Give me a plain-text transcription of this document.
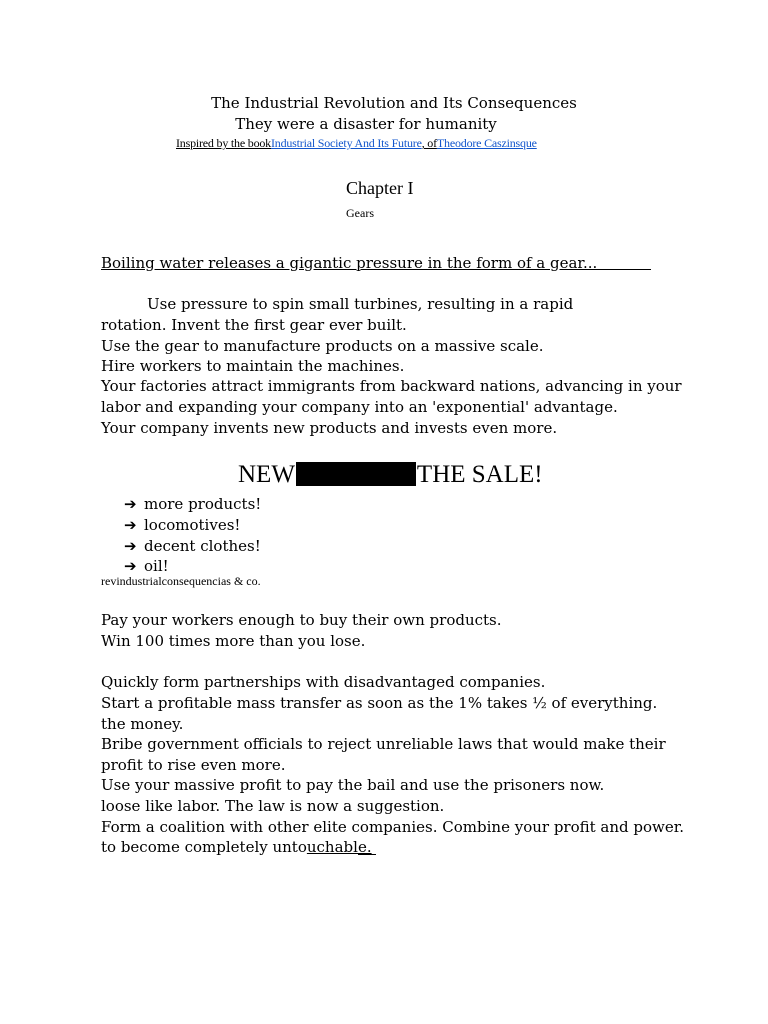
The Industrial Revolution and Its Consequences
They were a disaster for humanity
Inspired by the bookIndustrial Society And Its Future, ofTheodore Caszinsque
Chapter I
Gears
Boiling water releases a gigantic pressure in the form of a gear...
Use pressure to spin small turbines, resulting in a rapid
rotation. Invent the first gear ever built.
Use the gear to manufacture products on a massive scale.
Hire workers to maintain the machines.
Your factories attract immigrants from backward nations, advancing in your
labor and expanding your company into an 'exponential' advantage.
Your company invents new products and invests even more.
NEW	THE SALE!
➔ more products!
➔ locomotives!
➔ decent clothes!
➔ oil!
revindustrialconsequencias & co.
Pay your workers enough to buy their own products.
Win 100 times more than you lose.
Quickly form partnerships with disadvantaged companies.
Start a profitable mass transfer as soon as the 1% takes ½ of everything.
the money.
Bribe government officials to reject unreliable laws that would make their
profit to rise even more.
Use your massive profit to pay the bail and use the prisoners now.
loose like labor. The law is now a suggestion.
Form a coalition with other elite companies. Combine your profit and power.
to become completely untouchable.
